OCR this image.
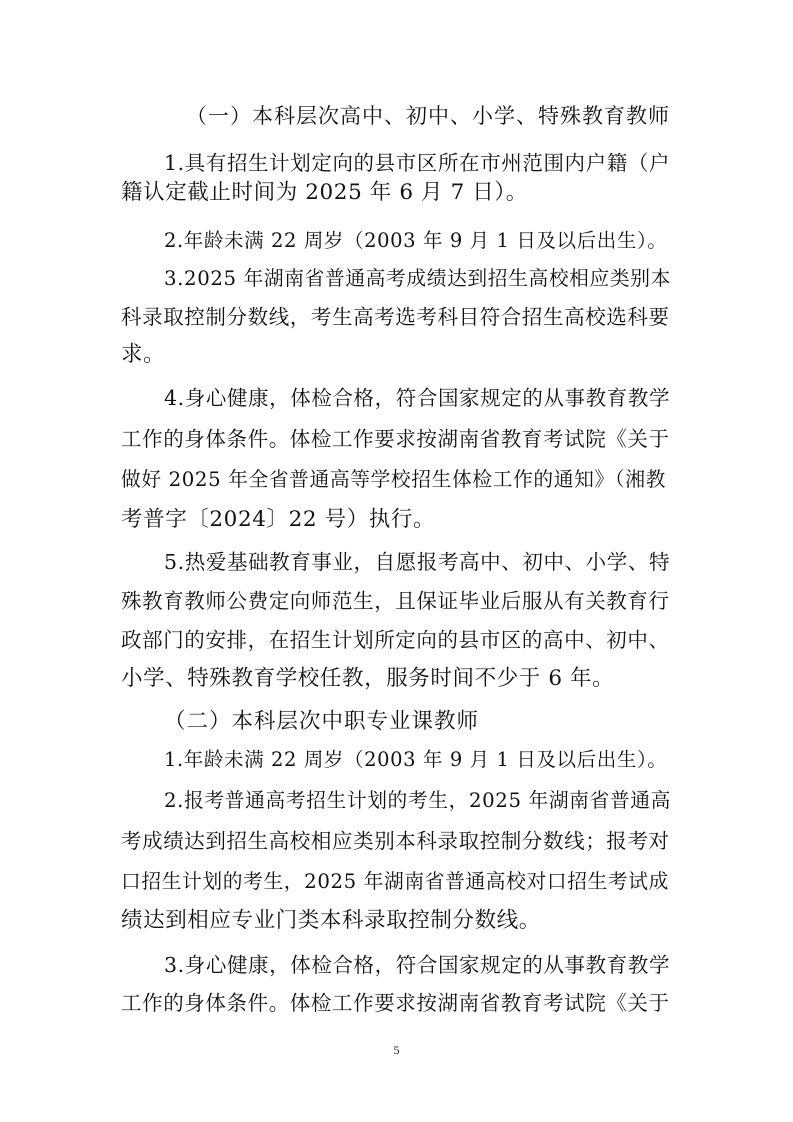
（一）本科层次高中、初中、小学、特殊教育教师
1.具有招生计划定向的县市区所在市州范围内户籍（户
籍认定截止时间为 2025 年 6 月 7 日）。
2.年龄未满 22 周岁（2003 年 9 月 1 日及以后出生）。
3.2025 年湖南省普通高考成绩达到招生高校相应类别本
科录取控制分数线，考生高考选考科目符合招生高校选科要
求。
4.身心健康，体检合格，符合国家规定的从事教育教学
工作的身体条件。体检工作要求按湖南省教育考试院《关于
做好 2025 年全省普通高等学校招生体检工作的通知》（湘教
考普字〔2024〕22 号）执行。
5.热爱基础教育事业，自愿报考高中、初中、小学、特
殊教育教师公费定向师范生，且保证毕业后服从有关教育行
政部门的安排，在招生计划所定向的县市区的高中、初中、
小学、特殊教育学校任教，服务时间不少于 6 年。
（二）本科层次中职专业课教师
1.年龄未满 22 周岁（2003 年 9 月 1 日及以后出生）。
2.报考普通高考招生计划的考生，2025 年湖南省普通高
考成绩达到招生高校相应类别本科录取控制分数线；报考对
口招生计划的考生，2025 年湖南省普通高校对口招生考试成
绩达到相应专业门类本科录取控制分数线。
3.身心健康，体检合格，符合国家规定的从事教育教学
工作的身体条件。体检工作要求按湖南省教育考试院《关于
5
